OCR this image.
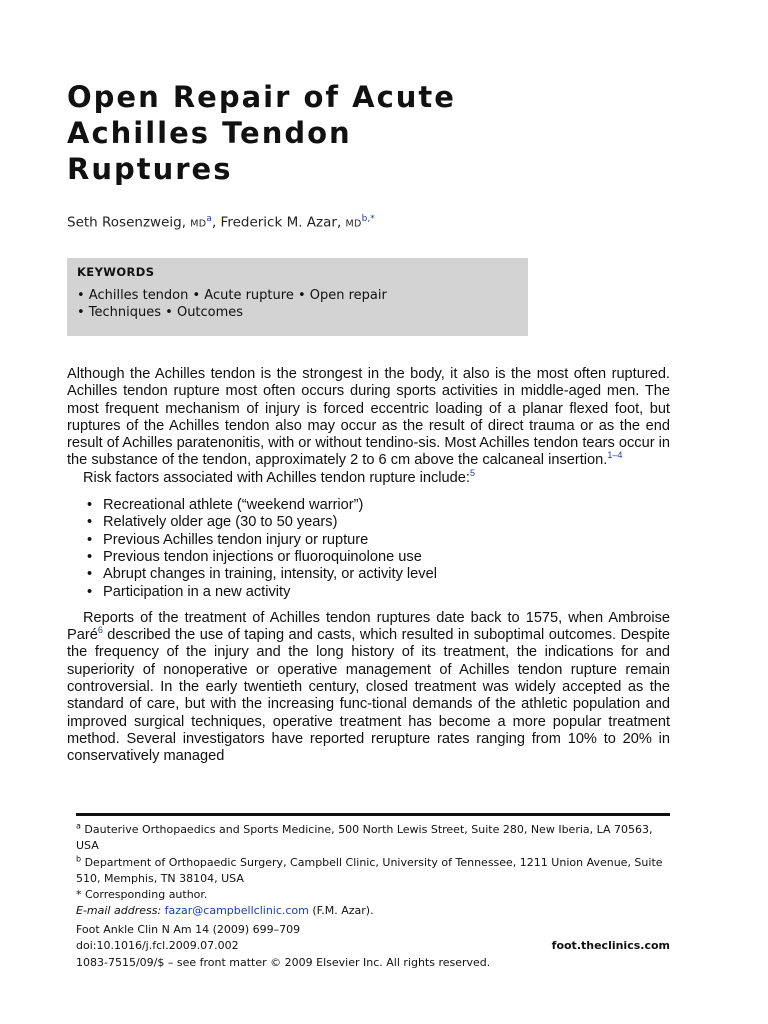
Open Repair of Acute
Achilles Tendon
Ruptures
Seth Rosenzweig, $MD^a$, Frederick M. Azar, $MD^{b,*}$
KEYWORDS
• Achilles tendon • Acute rupture • Open repair
• Techniques • Outcomes

Although the Achilles tendon is the strongest in the body, it also is the most often ruptured. Achilles tendon rupture most often occurs during sports activities in middle-aged men. The most frequent mechanism of injury is forced eccentric loading of a planar flexed foot, but ruptures of the Achilles tendon also may occur as the result of direct trauma or as the end result of Achilles paratenonitis, with or without tendino-sis. Most Achilles tendon tears occur in the substance of the tendon, approximately 2 to 6 cm above the calcaneal insertion.$^{1-4}$

Risk factors associated with Achilles tendon rupture include:$^5$

• Recreational athlete (“weekend warrior”)
• Relatively older age (30 to 50 years)
• Previous Achilles tendon injury or rupture
• Previous tendon injections or fluoroquinolone use
• Abrupt changes in training, intensity, or activity level
• Participation in a new activity

Reports of the treatment of Achilles tendon ruptures date back to 1575, when Ambroise Paré$^6$ described the use of taping and casts, which resulted in suboptimal outcomes. Despite the frequency of the injury and the long history of its treatment, the indications for and superiority of nonoperative or operative management of Achilles tendon rupture remain controversial. In the early twentieth century, closed treatment was widely accepted as the standard of care, but with the increasing func-tional demands of the athletic population and improved surgical techniques, operative treatment has become a more popular treatment method. Several investigators have reported rerupture rates ranging from 10% to 20% in conservatively managed

$^a$ Dauterive Orthopaedics and Sports Medicine, 500 North Lewis Street, Suite 280, New Iberia, LA 70563, USA
$^b$ Department of Orthopaedic Surgery, Campbell Clinic, University of Tennessee, 1211 Union Avenue, Suite 510, Memphis, TN 38104, USA
* Corresponding author.
E-mail address: fazar@campbellclinic.com (F.M. Azar).
Foot Ankle Clin N Am 14 (2009) 699–709
doi:10.1016/j.fcl.2009.07.002
1083-7515/09/$ – see front matter © 2009 Elsevier Inc. All rights reserved.
foot.theclinics.com
